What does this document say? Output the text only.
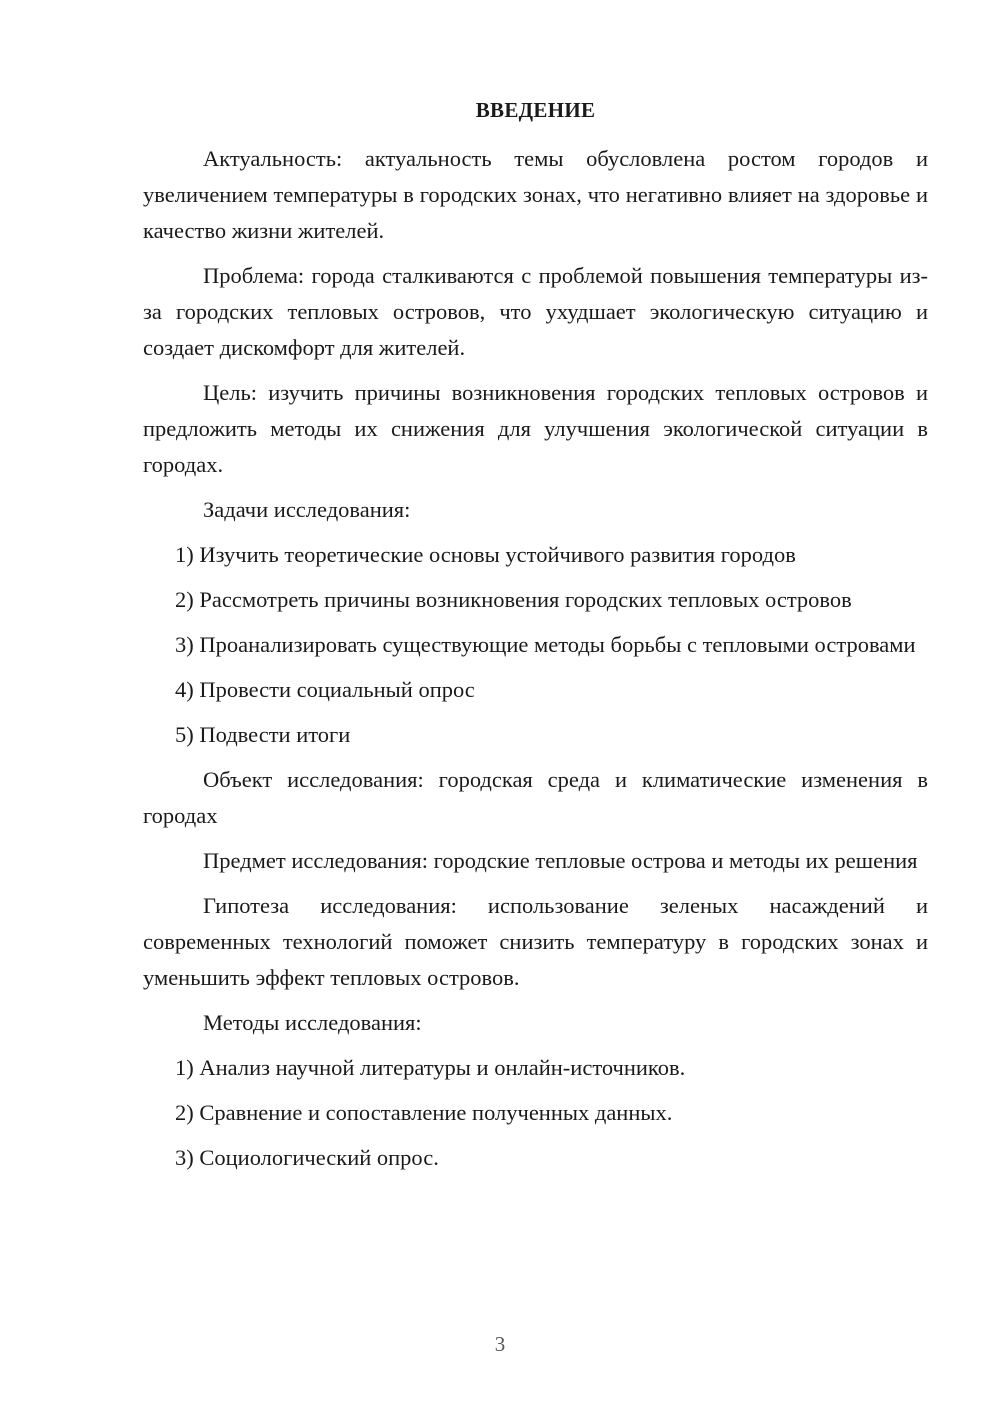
ВВЕДЕНИЕ

Актуальность: актуальность темы обусловлена ростом городов и увеличением температуры в городских зонах, что негативно влияет на здоровье и качество жизни жителей.

Проблема: города сталкиваются с проблемой повышения температуры из-за городских тепловых островов, что ухудшает экологическую ситуацию и создает дискомфорт для жителей.

Цель: изучить причины возникновения городских тепловых островов и предложить методы их снижения для улучшения экологической ситуации в городах.

Задачи исследования:

1) Изучить теоретические основы устойчивого развития городов

2) Рассмотреть причины возникновения городских тепловых островов

3) Проанализировать существующие методы борьбы с тепловыми островами

4) Провести социальный опрос

5) Подвести итоги

Объект исследования: городская среда и климатические изменения в городах

Предмет исследования: городские тепловые острова и методы их решения

Гипотеза исследования: использование зеленых насаждений и современных технологий поможет снизить температуру в городских зонах и уменьшить эффект тепловых островов.

Методы исследования:

1) Анализ научной литературы и онлайн-источников.

2) Сравнение и сопоставление полученных данных.

3) Социологический опрос.

3
